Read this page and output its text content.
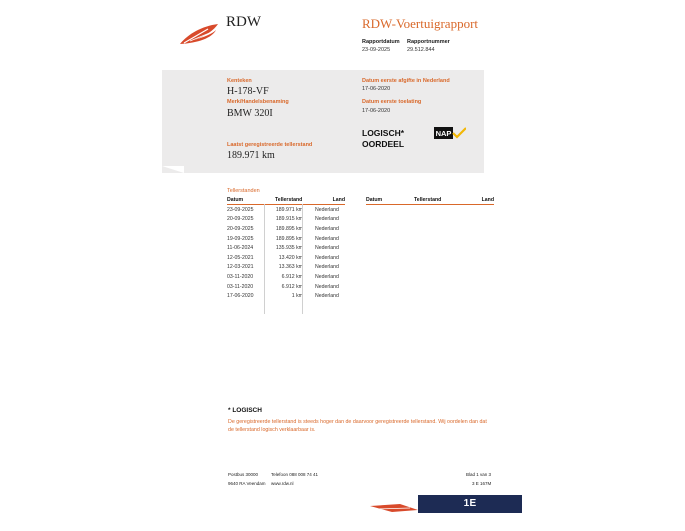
RDW	RDW-Voertuigrapport
Rapportdatum
23-09-2025
Rapportnummer
29.512.844
Kenteken
H-178-VF
Merk/Handelsbenaming
BMW 320I
Laatst geregistreerde tellerstand
189.971 km
Datum eerste afgifte in Nederland
17-06-2020
Datum eerste toelating
17-06-2020
LOGISCH*
OORDEEL
NAP
Tellerstanden
Datum	Tellerstand	Land
23-09-2025	189.971 km	Nederland
20-09-2025	189.915 km	Nederland
20-09-2025	189.895 km	Nederland
19-09-2025	189.895 km	Nederland
11-06-2024	135.935 km	Nederland
12-05-2021	13.420 km	Nederland
12-03-2021	13.363 km	Nederland
03-11-2020	6.912 km	Nederland
03-11-2020	6.912 km	Nederland
17-06-2020	1 km	Nederland
Datum	Tellerstand	Land
* LOGISCH
De geregistreerde tellerstand is steeds hoger dan de daarvoor geregistreerde tellerstand. Wij oordelen dan dat de tellerstand logisch verklaarbaar is.
Postbus 30000
9640 RA Veendam
Telefoon 088 008 74 41
www.rdw.nl
Blad 1 van 3
3 E 167M
1E EIGENAAR.ORG.NL
